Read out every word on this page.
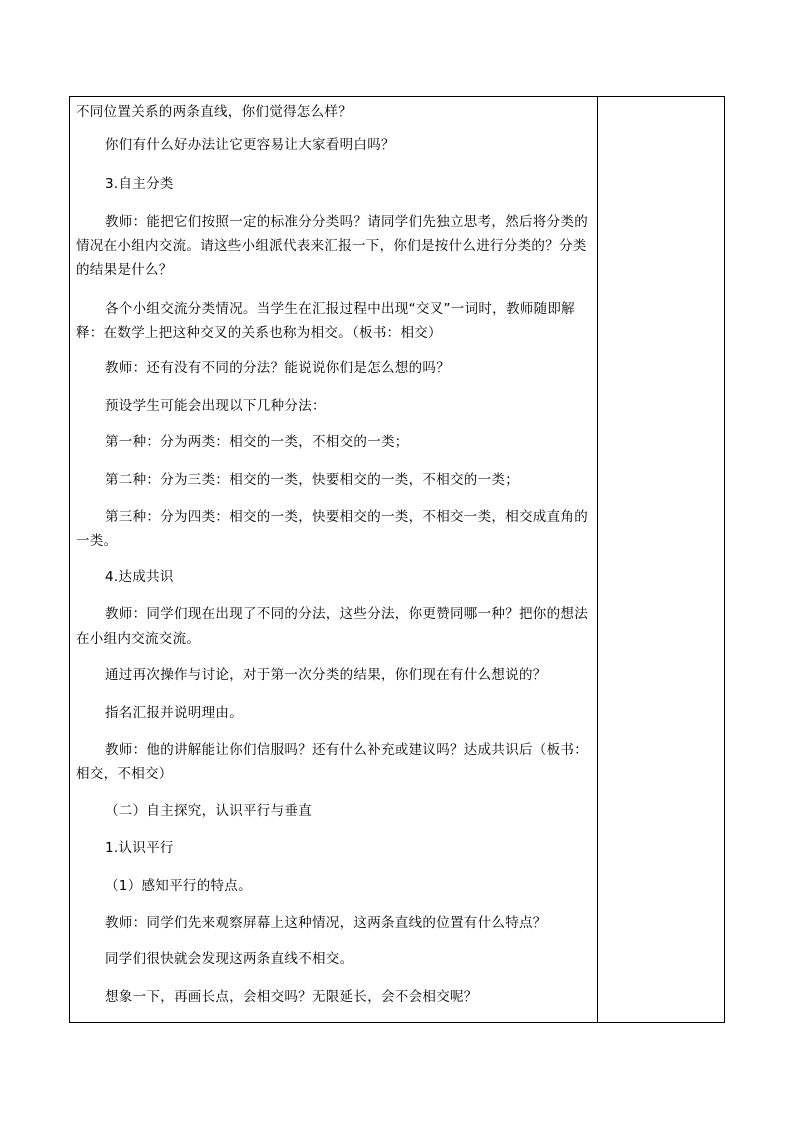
不同位置关系的两条直线，你们觉得怎么样？
你们有什么好办法让它更容易让大家看明白吗？
3.自主分类
教师：能把它们按照一定的标准分分类吗？请同学们先独立思考，然后将分类的
情况在小组内交流。请这些小组派代表来汇报一下，你们是按什么进行分类的？分类
的结果是什么？
各个小组交流分类情况。当学生在汇报过程中出现“交叉”一词时，教师随即解
释：在数学上把这种交叉的关系也称为相交。（板书：相交）
教师：还有没有不同的分法？能说说你们是怎么想的吗？
预设学生可能会出现以下几种分法：
第一种：分为两类：相交的一类，不相交的一类；
第二种：分为三类：相交的一类，快要相交的一类，不相交的一类；
第三种：分为四类：相交的一类，快要相交的一类，不相交一类，相交成直角的
一类。
4.达成共识
教师：同学们现在出现了不同的分法，这些分法，你更赞同哪一种？把你的想法
在小组内交流交流。
通过再次操作与讨论，对于第一次分类的结果，你们现在有什么想说的？
指名汇报并说明理由。
教师：他的讲解能让你们信服吗？还有什么补充或建议吗？达成共识后（板书：
相交，不相交）
（二）自主探究，认识平行与垂直
1.认识平行
（1）感知平行的特点。
教师：同学们先来观察屏幕上这种情况，这两条直线的位置有什么特点？
同学们很快就会发现这两条直线不相交。
想象一下，再画长点，会相交吗？无限延长，会不会相交呢？
